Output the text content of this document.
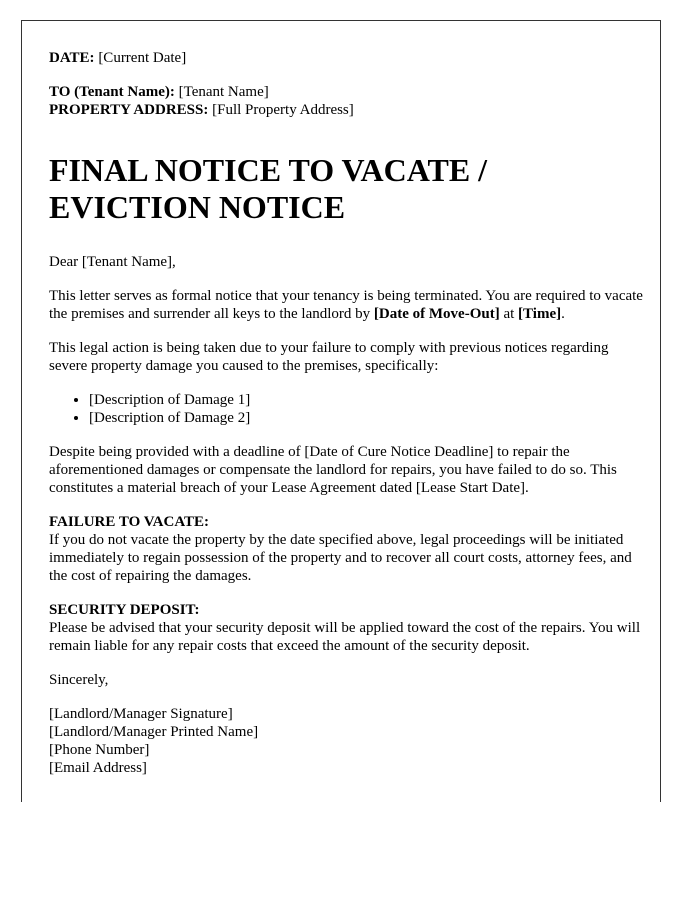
DATE: [Current Date]

TO (Tenant Name): [Tenant Name]

PROPERTY ADDRESS: [Full Property Address]

FINAL NOTICE TO VACATE / EVICTION NOTICE

Dear [Tenant Name],

This letter serves as formal notice that your tenancy is being terminated. You are required to vacate the premises and surrender all keys to the landlord by [Date of Move-Out] at [Time].

This legal action is being taken due to your failure to comply with previous notices regarding severe property damage you caused to the premises, specifically:

• [Description of Damage 1]
• [Description of Damage 2]

Despite being provided with a deadline of [Date of Cure Notice Deadline] to repair the aforementioned damages or compensate the landlord for repairs, you have failed to do so. This constitutes a material breach of your Lease Agreement dated [Lease Start Date].

FAILURE TO VACATE:

If you do not vacate the property by the date specified above, legal proceedings will be initiated immediately to regain possession of the property and to recover all court costs, attorney fees, and the cost of repairing the damages.

SECURITY DEPOSIT:

Please be advised that your security deposit will be applied toward the cost of the repairs. You will remain liable for any repair costs that exceed the amount of the security deposit.

Sincerely,

[Landlord/Manager Signature]
[Landlord/Manager Printed Name]
[Phone Number]
[Email Address]
